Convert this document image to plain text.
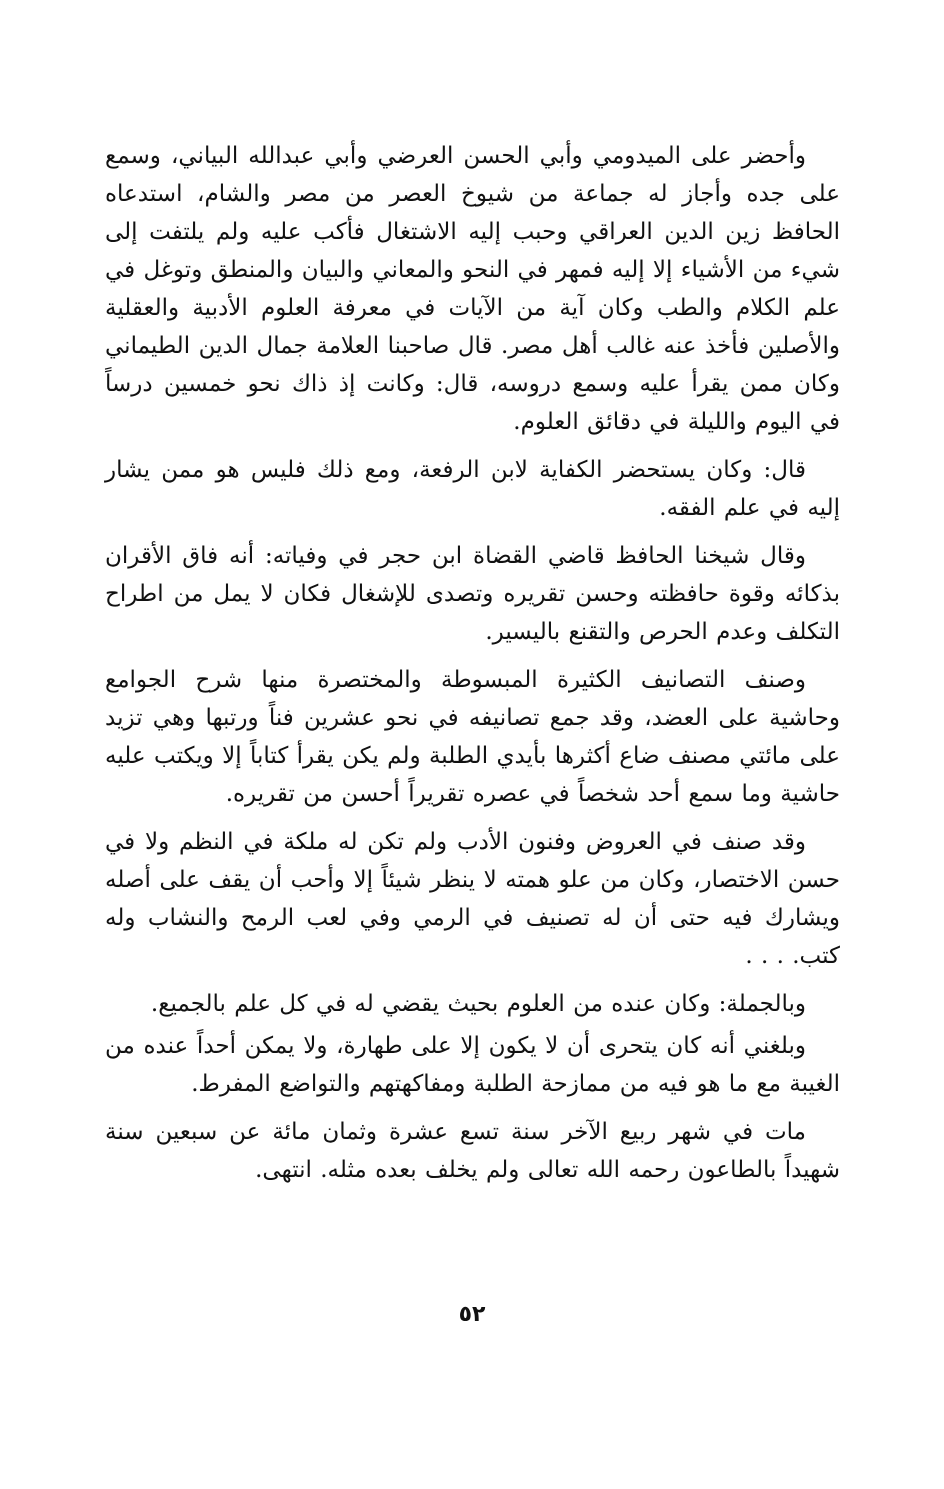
وأحضر على الميدومي وأبي الحسن العرضي وأبي عبدالله البياني، وسمع على جده وأجاز له جماعة من شيوخ العصر من مصر والشام، استدعاه الحافظ زين الدين العراقي وحبب إليه الاشتغال فأكب عليه ولم يلتفت إلى شيء من الأشياء إلا إليه فمهر في النحو والمعاني والبيان والمنطق وتوغل في علم الكلام والطب وكان آية من الآيات في معرفة العلوم الأدبية والعقلية والأصلين فأخذ عنه غالب أهل مصر. قال صاحبنا العلامة جمال الدين الطيماني وكان ممن يقرأ عليه وسمع دروسه، قال: وكانت إذ ذاك نحو خمسين درساً في اليوم والليلة في دقائق العلوم.

قال: وكان يستحضر الكفاية لابن الرفعة، ومع ذلك فليس هو ممن يشار إليه في علم الفقه.

وقال شيخنا الحافظ قاضي القضاة ابن حجر في وفياته: أنه فاق الأقران بذكائه وقوة حافظته وحسن تقريره وتصدى للإشغال فكان لا يمل من اطراح التكلف وعدم الحرص والتقنع باليسير.

وصنف التصانيف الكثيرة المبسوطة والمختصرة منها شرح الجوامع وحاشية على العضد، وقد جمع تصانيفه في نحو عشرين فناً ورتبها وهي تزيد على مائتي مصنف ضاع أكثرها بأيدي الطلبة ولم يكن يقرأ كتاباً إلا ويكتب عليه حاشية وما سمع أحد شخصاً في عصره تقريراً أحسن من تقريره.

وقد صنف في العروض وفنون الأدب ولم تكن له ملكة في النظم ولا في حسن الاختصار، وكان من علو همته لا ينظر شيئاً إلا وأحب أن يقف على أصله ويشارك فيه حتى أن له تصنيف في الرمي وفي لعب الرمح والنشاب وله كتب. . . .

وبالجملة: وكان عنده من العلوم بحيث يقضي له في كل علم بالجميع.

وبلغني أنه كان يتحرى أن لا يكون إلا على طهارة، ولا يمكن أحداً عنده من الغيبة مع ما هو فيه من ممازحة الطلبة ومفاكهتهم والتواضع المفرط.

مات في شهر ربيع الآخر سنة تسع عشرة وثمان مائة عن سبعين سنة شهيداً بالطاعون رحمه الله تعالى ولم يخلف بعده مثله. انتهى.

٥٢
